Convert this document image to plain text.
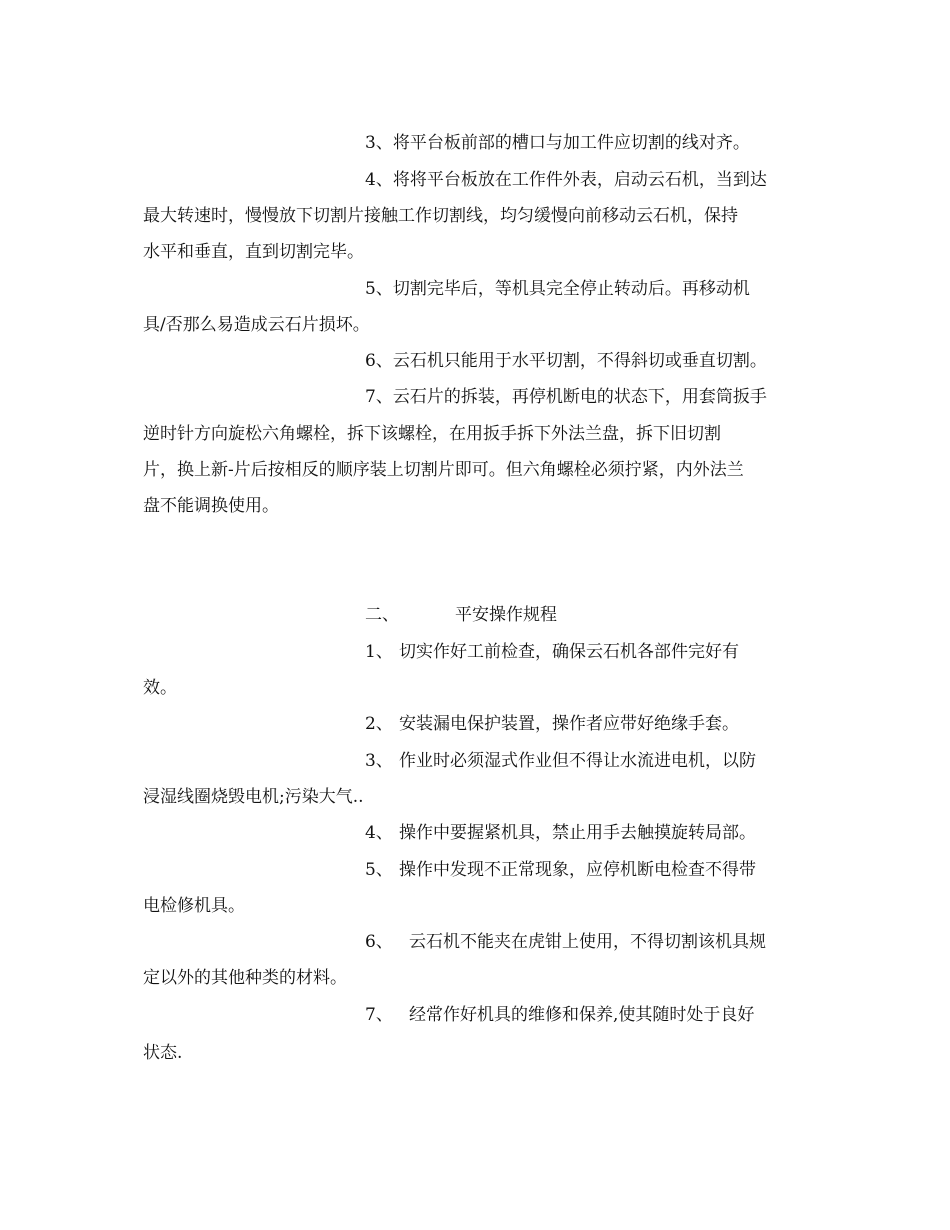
3、将平台板前部的槽口与加工件应切割的线对齐。
4、将将平台板放在工作件外表，启动云石机，当到达
最大转速时，慢慢放下切割片接触工作切割线，均匀缓慢向前移动云石机，保持
水平和垂直，直到切割完毕。
5、切割完毕后，等机具完全停止转动后。再移动机
具/否那么易造成云石片损坏。
6、云石机只能用于水平切割，不得斜切或垂直切割。
7、云石片的拆装，再停机断电的状态下，用套筒扳手
逆时针方向旋松六角螺栓，拆下该螺栓，在用扳手拆下外法兰盘，拆下旧切割
片，换上新-片后按相反的顺序装上切割片即可。但六角螺栓必须拧紧，内外法兰
盘不能调换使用。
二、	平安操作规程
1、 切实作好工前检查，确保云石机各部件完好有
效。
2、 安装漏电保护装置，操作者应带好绝缘手套。
3、 作业时必须湿式作业但不得让水流进电机，以防
浸湿线圈烧毁电机;污染大气..
4、 操作中要握紧机具，禁止用手去触摸旋转局部。
5、 操作中发现不正常现象，应停机断电检查不得带
电检修机具。
6、 云石机不能夹在虎钳上使用，不得切割该机具规
定以外的其他种类的材料。
7、 经常作好机具的维修和保养,使其随时处于良好
状态.
